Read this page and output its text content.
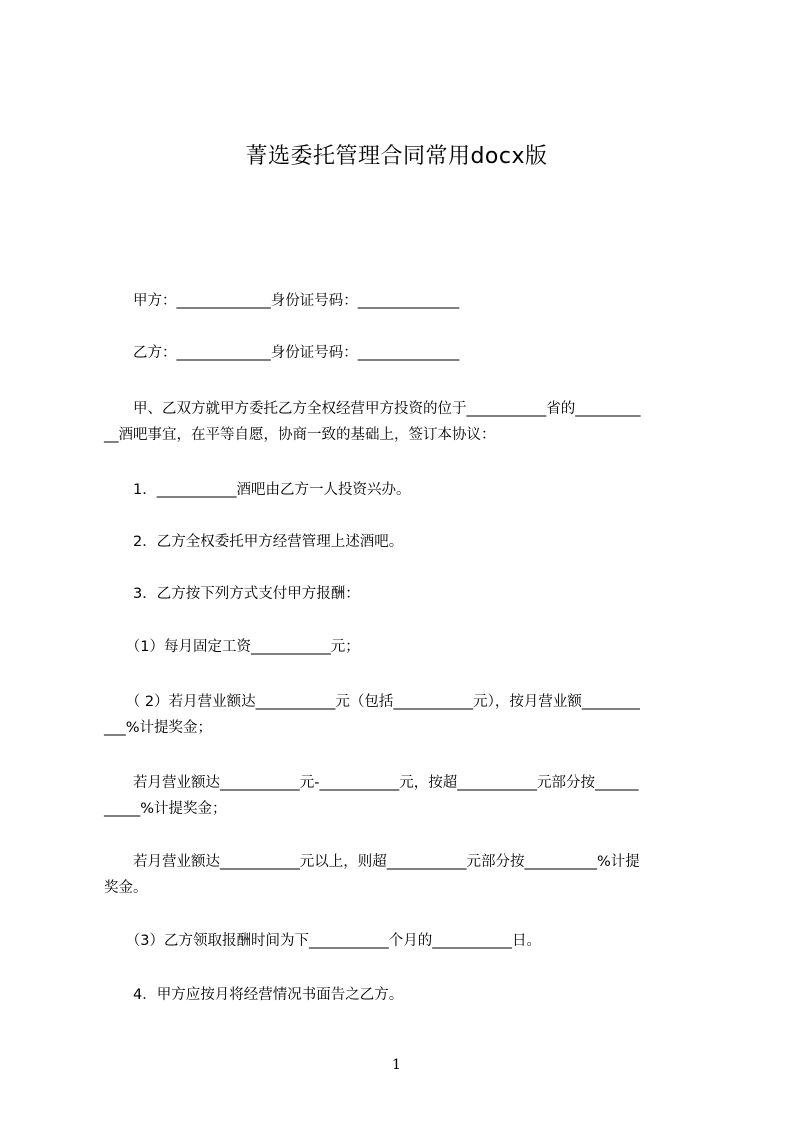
菁选委托管理合同常用docx版
　　甲方：_____________身份证号码：______________
　　乙方：_____________身份证号码：______________
　　甲、乙双方就甲方委托乙方全权经营甲方投资的位于___________省的_________
__酒吧事宜，在平等自愿，协商一致的基础上，签订本协议：
　　1．___________酒吧由乙方一人投资兴办。
　　2．乙方全权委托甲方经营管理上述酒吧。
　　3．乙方按下列方式支付甲方报酬：
　　（1）每月固定工资___________元；
　　（ 2）若月营业额达___________元（包括___________元），按月营业额________
___%计提奖金；
　　若月营业额达___________元-___________元，按超___________元部分按______
_____%计提奖金；
　　若月营业额达___________元以上，则超___________元部分按__________%计提
奖金。
　　（3）乙方领取报酬时间为下___________个月的___________日。
　　4．甲方应按月将经营情况书面告之乙方。
1
